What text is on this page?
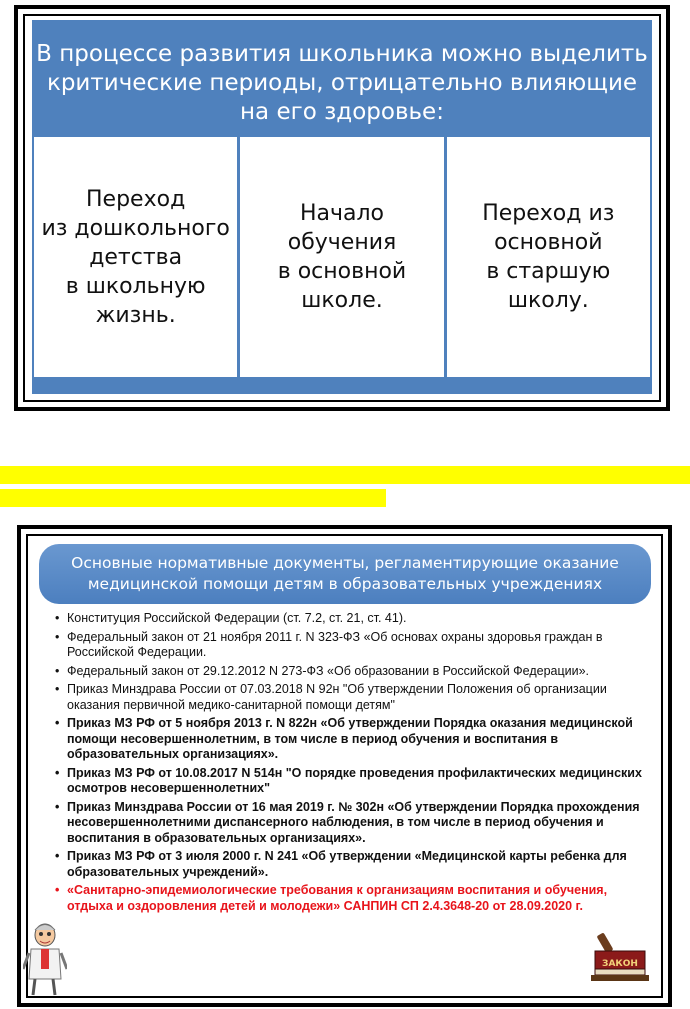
В процессе развития школьника можно выделить критические периоды, отрицательно влияющие на его здоровье:
Переход
из дошкольного
детства
в школьную
жизнь.
Начало
обучения
в основной
школе.
Переход из
основной
в старшую
школу.
Основные нормативные документы, регламентирующие оказание медицинской помощи детям в образовательных учреждениях
• Конституция Российской Федерации (ст. 7.2, ст. 21, ст. 41).
• Федеральный закон от 21 ноября 2011 г. N 323-ФЗ «Об основах охраны здоровья граждан в Российской Федерации.
• Федеральный закон от 29.12.2012 N 273-ФЗ «Об образовании в Российской Федерации».
• Приказ Минздрава России от 07.03.2018 N 92н "Об утверждении Положения об организации оказания первичной медико-санитарной помощи детям"
• Приказ МЗ РФ от 5 ноября 2013 г. N 822н «Об утверждении Порядка оказания медицинской помощи несовершеннолетним, в том числе в период обучения и воспитания в образовательных организациях».
• Приказ МЗ РФ от 10.08.2017 N 514н "О порядке проведения профилактических медицинских осмотров несовершеннолетних"
• Приказ Минздрава России от 16 мая 2019 г. № 302н «Об утверждении Порядка прохождения несовершеннолетними диспансерного наблюдения, в том числе в период обучения и воспитания в образовательных организациях».
• Приказ МЗ РФ от 3 июля 2000 г. N 241 «Об утверждении «Медицинской карты ребенка для образовательных учреждений».
• «Санитарно-эпидемиологические требования к организациям воспитания и обучения, отдыха и оздоровления детей и молодежи» САНПИН СП 2.4.3648-20 от 28.09.2020 г.
ЗАКОН
